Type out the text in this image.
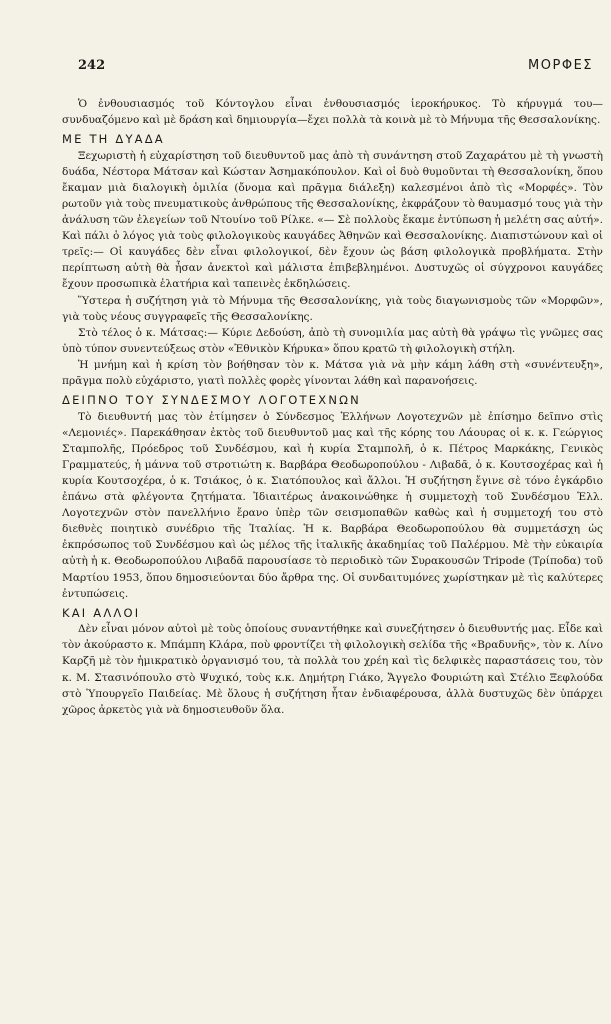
242	ΜΟΡΦΕΣ

Ὁ ἐνθουσιασμός τοῦ Κόντογλου εἶναι ἐνθουσιασμός ἱεροκήρυκος. Τὸ κήρυγμά του—συνδυαζόμενο καὶ μὲ δράση καὶ δημιουργία—ἔχει πολλὰ τὰ κοινὰ μὲ τὸ Μήνυμα τῆς Θεσσαλονίκης.

ΜΕ ΤΗ ΔΥΑΔΑ

Ξεχωριστὴ ἡ εὐχαρίστηση τοῦ διευθυντοῦ μας ἀπὸ τὴ συνάντηση στοῦ Ζαχαράτου μὲ τὴ γνωστὴ δυάδα, Νέστορα Μάτσαν καὶ Κώσταν Ἀσημακόπουλον. Καὶ οἱ δυὸ θυμοῦνται τὴ Θεσσαλονίκη, ὅπου ἔκαμαν μιὰ διαλογικὴ ὁμιλία (ὄνομα καὶ πρᾶγμα διάλεξη) καλεσμένοι ἀπὸ τὶς «Μορφές». Τὸν ρωτοῦν γιὰ τοὺς πνευματικοὺς ἀνθρώπους τῆς Θεσσαλονίκης, ἐκφράζουν τὸ θαυμασμό τους γιὰ τὴν ἀνάλυση τῶν ἐλεγείων τοῦ Ντουίνο τοῦ Ρίλκε. «— Σὲ πολλοὺς ἔκαμε ἐντύπωση ἡ μελέτη σας αὐτή». Καὶ πάλι ὁ λόγος γιὰ τοὺς φιλολογικοὺς καυγάδες Ἀθηνῶν καὶ Θεσσαλονίκης. Διαπιστώνουν καὶ οἱ τρεῖς:— Οἱ καυγάδες δὲν εἶναι φιλολογικοί, δὲν ἔχουν ὡς βάση φιλολογικὰ προβλήματα. Στὴν περίπτωση αὐτὴ θὰ ἦσαν ἀνεκτοὶ καὶ μάλιστα ἐπιβεβλημένοι. Δυστυχῶς οἱ σύγχρονοι καυγάδες ἔχουν προσωπικὰ ἐλατήρια καὶ ταπεινὲς ἐκδηλώσεις.

Ὕστερα ἡ συζήτηση γιὰ τὸ Μήνυμα τῆς Θεσσαλονίκης, γιὰ τοὺς διαγωνισμοὺς τῶν «Μορφῶν», γιὰ τοὺς νέους συγγραφεῖς τῆς Θεσσαλονίκης.

Στὸ τέλος ὁ κ. Μάτσας:— Κύριε Δεδούση, ἀπὸ τὴ συνομιλία μας αὐτὴ θὰ γράψω τὶς γνῶμες σας ὑπὸ τύπον συνεντεύξεως στὸν «Ἐθνικὸν Κήρυκα» ὅπου κρατῶ τὴ φιλολογικὴ στήλη.

Ἡ μνήμη καὶ ἡ κρίση τὸν βοήθησαν τὸν κ. Μάτσα γιὰ νὰ μὴν κάμη λάθη στὴ «συνέντευξη», πρᾶγμα πολὺ εὐχάριστο, γιατὶ πολλὲς φορὲς γίνονται λάθη καὶ παρανοήσεις.

ΔΕΙΠΝΟ ΤΟΥ ΣΥΝΔΕΣΜΟΥ ΛΟΓΟΤΕΧΝΩΝ

Τὸ διευθυντή μας τὸν ἐτίμησεν ὁ Σύνδεσμος Ἑλλήνων Λογοτεχνῶν μὲ ἐπίσημο δεῖπνο στὶς «Λεμονιές». Παρεκάθησαν ἐκτὸς τοῦ διευθυντοῦ μας καὶ τῆς κόρης του Λάουρας οἱ κ. κ. Γεώργιος Σταμπολῆς, Πρόεδρος τοῦ Συνδέσμου, καὶ ἡ κυρία Σταμπολῆ, ὁ κ. Πέτρος Μαρκάκης, Γενικὸς Γραμματεύς, ἡ μάννα τοῦ στροτιώτη κ. Βαρβάρα Θεοδωροπούλου - Λιβαδᾶ, ὁ κ. Κουτσοχέρας καὶ ἡ κυρία Κουτσοχέρα, ὁ κ. Τσιάκος, ὁ κ. Σιατόπουλος καὶ ἄλλοι. Ἡ συζήτηση ἔγινε σὲ τόνο ἐγκάρδιο ἐπάνω στὰ φλέγοντα ζητήματα. Ἰδιαιτέρως ἀνακοινώθηκε ἡ συμμετοχὴ τοῦ Συνδέσμου Ἑλλ. Λογοτεχνῶν στὸν πανελλήνιο ἔρανο ὑπὲρ τῶν σεισμοπαθῶν καθὼς καὶ ἡ συμμετοχή του στὸ διεθνὲς ποιητικὸ συνέδριο τῆς Ἰταλίας. Ἡ κ. Βαρβάρα Θεοδωροπούλου θὰ συμμετάσχη ὡς ἐκπρόσωπος τοῦ Συνδέσμου καὶ ὡς μέλος τῆς ἰταλικῆς ἀκαδημίας τοῦ Παλέρμου. Μὲ τὴν εὐκαιρία αὐτὴ ἡ κ. Θεοδωροπούλου Λιβαδᾶ παρουσίασε τὸ περιοδικὸ τῶν Συρακουσῶν Tripode (Τρίποδα) τοῦ Μαρτίου 1953, ὅπου δημοσιεύονται δύο ἄρθρα της. Οἱ συνδαιτυμόνες χωρίστηκαν μὲ τὶς καλύτερες ἐντυπώσεις.

ΚΑΙ ΑΛΛΟΙ

Δὲν εἶναι μόνον αὐτοὶ μὲ τοὺς ὁποίους συναντήθηκε καὶ συνεζήτησεν ὁ διευθυντής μας. Εἶδε καὶ τὸν ἀκούραστο κ. Μπάμπη Κλάρα, ποὺ φροντίζει τὴ φιλολογικὴ σελίδα τῆς «Βραδυνῆς», τὸν κ. Λίνο Καρζῆ μὲ τὸν ἡμικρατικὸ ὀργανισμό του, τὰ πολλὰ του χρέη καὶ τὶς δελφικὲς παραστάσεις του, τὸν κ. Μ. Στασινόπουλο στὸ Ψυχικό, τοὺς κ.κ. Δημήτρη Γιάκο, Ἄγγελο Φουριώτη καὶ Στέλιο Ξεφλούδα στὸ Ὑπουργεῖο Παιδείας. Μὲ ὅλους ἡ συζήτηση ἦταν ἐνδιαφέρουσα, ἀλλὰ δυστυχῶς δὲν ὑπάρχει χῶρος ἀρκετὸς γιὰ νὰ δημοσιευθοῦν ὅλα.
